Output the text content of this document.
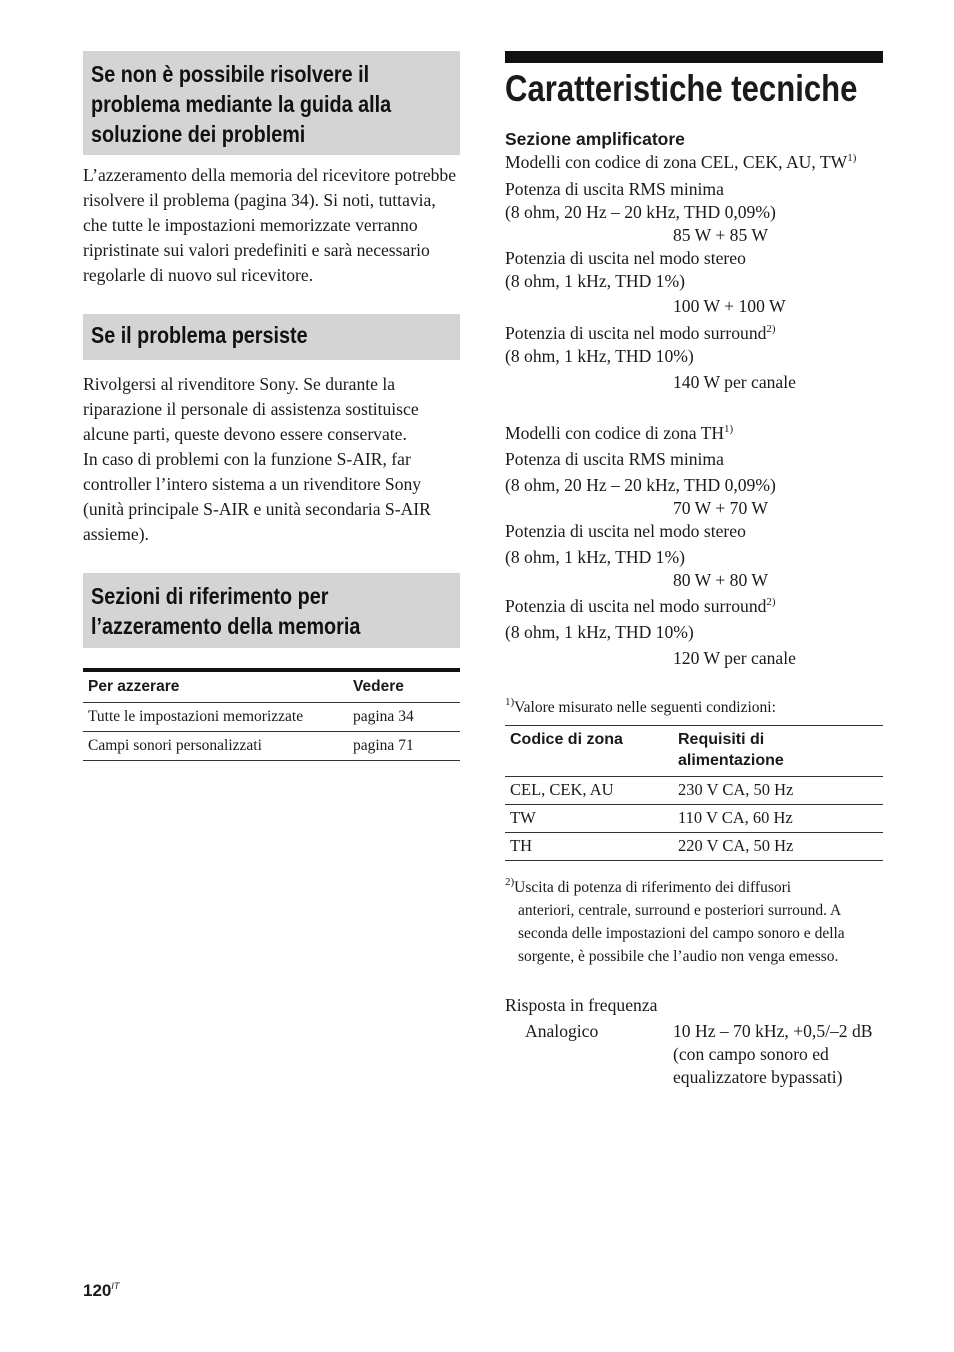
Se non è possibile risolvere il
problema mediante la guida alla
soluzione dei problemi

L’azzeramento della memoria del ricevitore potrebbe risolvere il problema (pagina 34). Si noti, tuttavia, che tutte le impostazioni memorizzate verranno ripristinate sui valori predefiniti e sarà necessario regolarle di nuovo sul ricevitore.

Se il problema persiste

Rivolgersi al rivenditore Sony. Se durante la riparazione il personale di assistenza sostituisce alcune parti, queste devono essere conservate.

In caso di problemi con la funzione S-AIR, far controller l’intero sistema a un rivenditore Sony (unità principale S-AIR e unità secondaria S-AIR assieme).

Sezioni di riferimento per
l’azzeramento della memoria
Per azzerare	Vedere
Tutte le impostazioni memorizzate	pagina 34
Campi sonori personalizzati	pagina 71
Caratteristiche tecniche

Sezione amplificatore

Modelli con codice di zona CEL, CEK, AU, TW$^{1)}$

Potenza di uscita RMS minima

(8 ohm, 20 Hz – 20 kHz, THD 0,09%)

85 W + 85 W

Potenzia di uscita nel modo stereo

(8 ohm, 1 kHz, THD 1%)

100 W + 100 W

Potenzia di uscita nel modo surround$^{2)}$

(8 ohm, 1 kHz, THD 10%)

140 W per canale

Modelli con codice di zona TH$^{1)}$

Potenza di uscita RMS minima

(8 ohm, 20 Hz – 20 kHz, THD 0,09%)

70 W + 70 W

Potenzia di uscita nel modo stereo

(8 ohm, 1 kHz, THD 1%)

80 W + 80 W

Potenzia di uscita nel modo surround$^{2)}$

(8 ohm, 1 kHz, THD 10%)

120 W per canale

$^{1)}$Valore misurato nelle seguenti condizioni:

Codice di zona	Requisiti di alimentazione
CEL, CEK, AU	230 V CA, 50 Hz
TW	110 V CA, 60 Hz
TH	220 V CA, 50 Hz

$^{2)}$Uscita di potenza di riferimento dei diffusori

anteriori, centrale, surround e posteriori surround. A seconda delle impostazioni del campo sonoro e della sorgente, è possibile che l’audio non venga emesso.

Risposta in frequenza

Analogico	10 Hz – 70 kHz, +0,5/–2 dB (con campo sonoro ed equalizzatore bypassati)
$120^{IT}$
